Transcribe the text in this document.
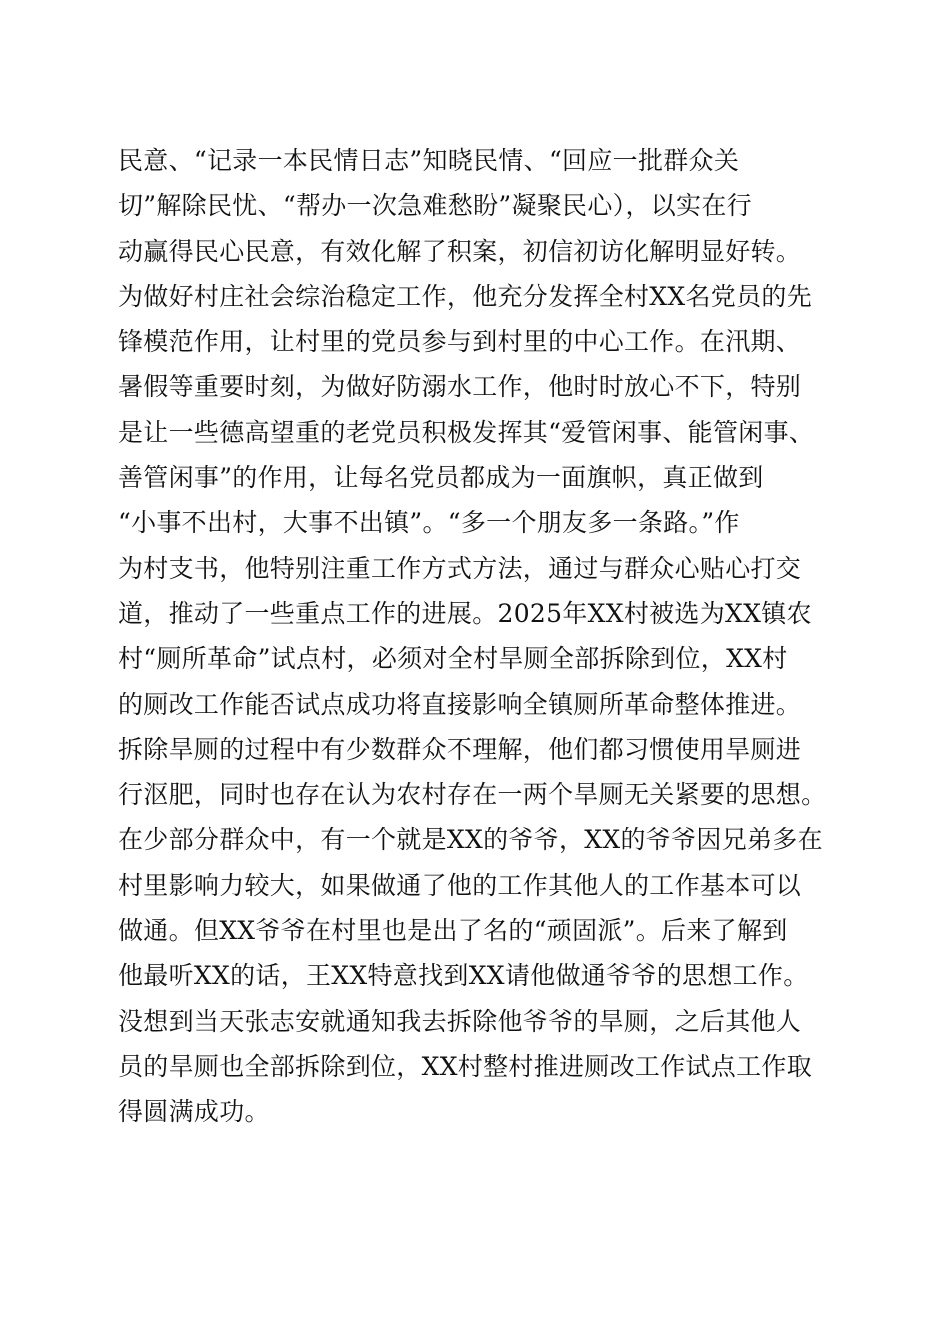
民意、“记录一本民情日志”知晓民情、“回应一批群众关
切”解除民忧、“帮办一次急难愁盼”凝聚民心），以实在行
动赢得民心民意，有效化解了积案，初信初访化解明显好转。
为做好村庄社会综治稳定工作，他充分发挥全村XX名党员的先
锋模范作用，让村里的党员参与到村里的中心工作。在汛期、
暑假等重要时刻，为做好防溺水工作，他时时放心不下，特别
是让一些德高望重的老党员积极发挥其“爱管闲事、能管闲事、
善管闲事”的作用，让每名党员都成为一面旗帜，真正做到
“小事不出村，大事不出镇”。“多一个朋友多一条路。”作
为村支书，他特别注重工作方式方法，通过与群众心贴心打交
道，推动了一些重点工作的进展。2025年XX村被选为XX镇农
村“厕所革命”试点村，必须对全村旱厕全部拆除到位，XX村
的厕改工作能否试点成功将直接影响全镇厕所革命整体推进。
拆除旱厕的过程中有少数群众不理解，他们都习惯使用旱厕进
行沤肥，同时也存在认为农村存在一两个旱厕无关紧要的思想。
在少部分群众中，有一个就是XX的爷爷，XX的爷爷因兄弟多在
村里影响力较大，如果做通了他的工作其他人的工作基本可以
做通。但XX爷爷在村里也是出了名的“顽固派”。后来了解到
他最听XX的话，王XX特意找到XX请他做通爷爷的思想工作。
没想到当天张志安就通知我去拆除他爷爷的旱厕，之后其他人
员的旱厕也全部拆除到位，XX村整村推进厕改工作试点工作取
得圆满成功。
